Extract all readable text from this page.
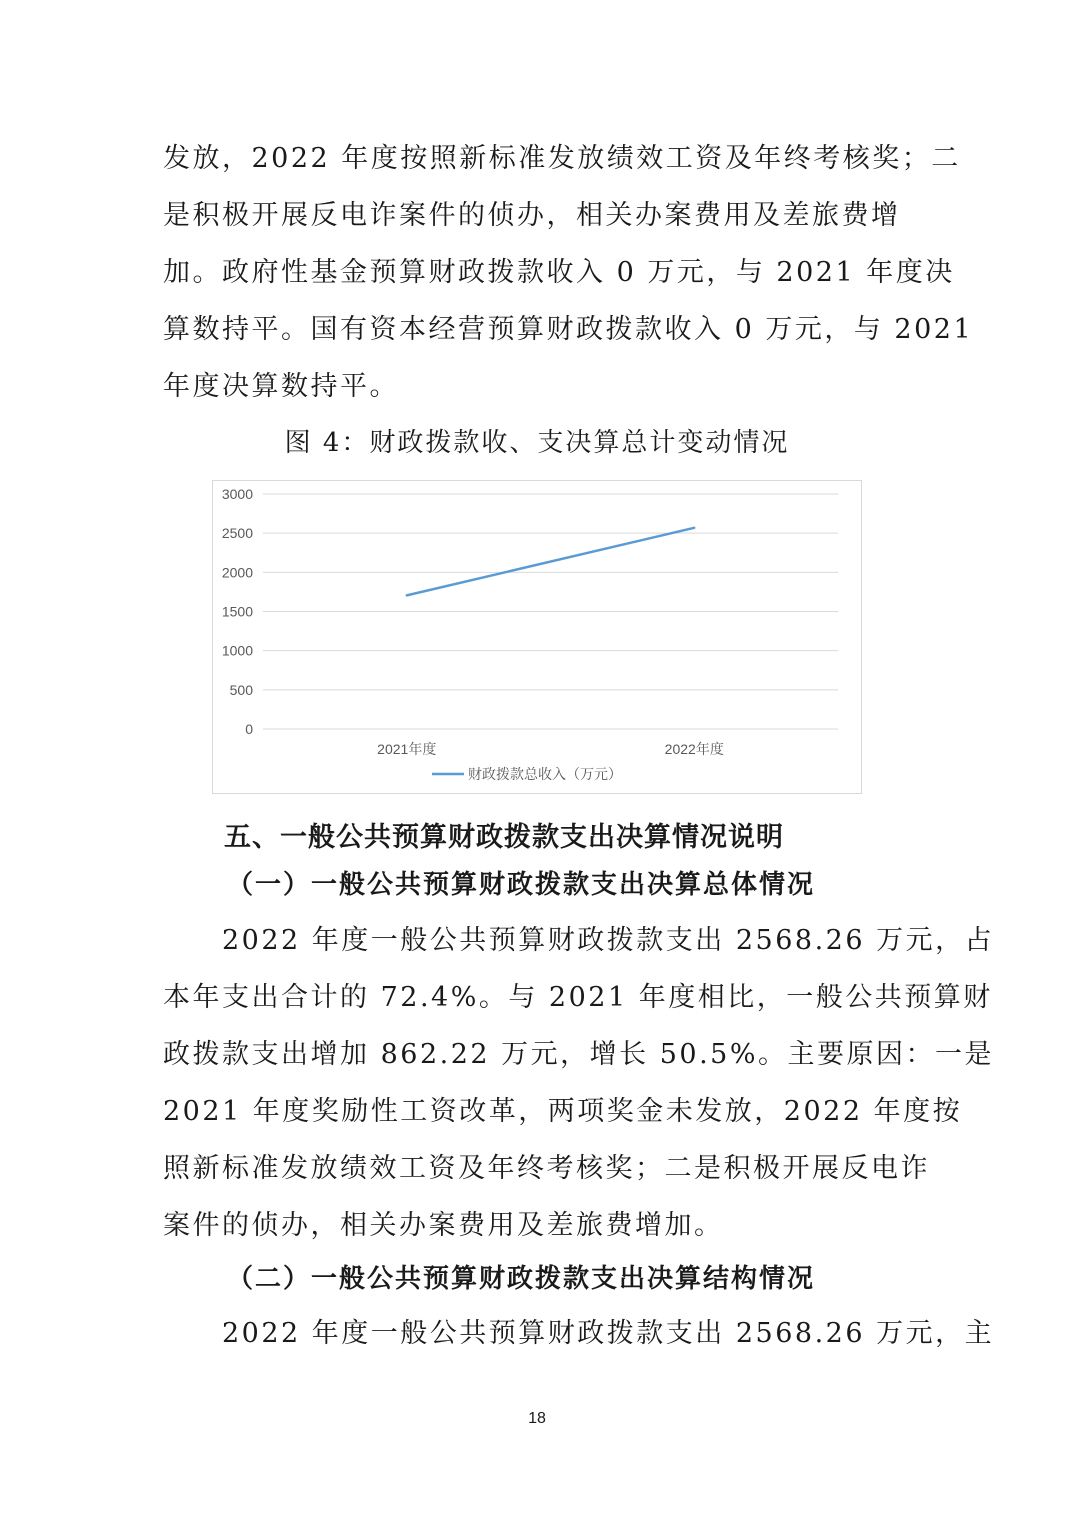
发放，2022 年度按照新标准发放绩效工资及年终考核奖；二
是积极开展反电诈案件的侦办，相关办案费用及差旅费增
加。政府性基金预算财政拨款收入 0 万元，与 2021 年度决
算数持平。国有资本经营预算财政拨款收入 0 万元，与 2021
年度决算数持平。
图 4：财政拨款收、支决算总计变动情况
0
500
1000
1500
2000
2500
3000
2021年度	2022年度
财政拨款总收入（万元）
五、一般公共预算财政拨款支出决算情况说明
（一）一般公共预算财政拨款支出决算总体情况
　　2022 年度一般公共预算财政拨款支出 2568.26 万元，占
本年支出合计的 72.4%。与 2021 年度相比，一般公共预算财
政拨款支出增加 862.22 万元，增长 50.5%。主要原因：一是
2021 年度奖励性工资改革，两项奖金未发放，2022 年度按
照新标准发放绩效工资及年终考核奖；二是积极开展反电诈
案件的侦办，相关办案费用及差旅费增加。
（二）一般公共预算财政拨款支出决算结构情况
　　2022 年度一般公共预算财政拨款支出 2568.26 万元，主
18
